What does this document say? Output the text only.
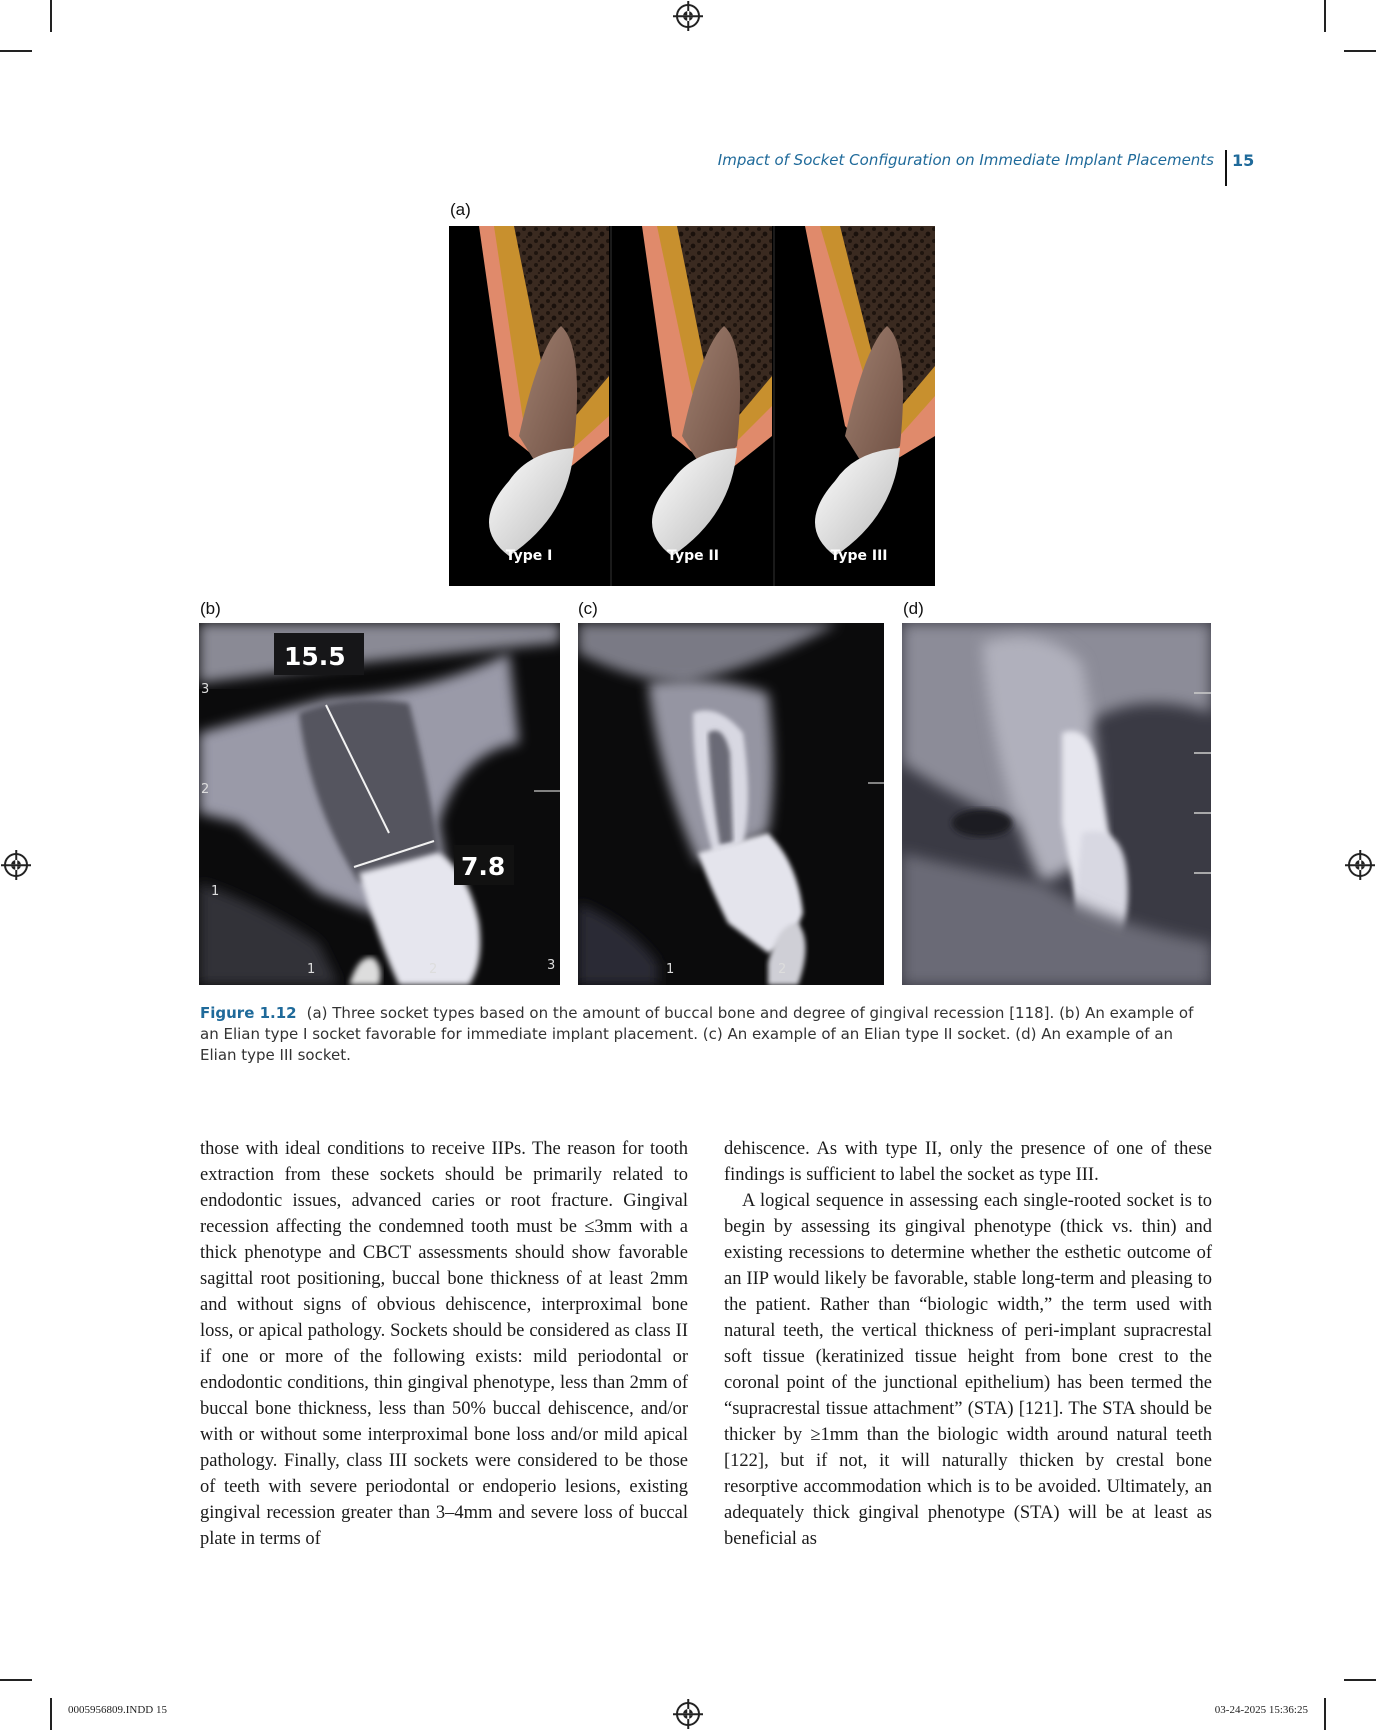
Impact of Socket Configuration on Immediate Implant Placements 15
(a)
Type I	Type II	Type III
(b)
15.5
7.8
3
2
1
1	2	3
(c)
1	2
(d)
Figure 1.12 (a) Three socket types based on the amount of buccal bone and degree of gingival recession [118]. (b) An example of an Elian type I socket favorable for immediate implant placement. (c) An example of an Elian type II socket. (d) An example of an Elian type III socket.

those with ideal conditions to receive IIPs. The reason for tooth extraction from these sockets should be primarily related to endodontic issues, advanced caries or root fracture. Gingival recession affecting the condemned tooth must be ≤3mm with a thick phenotype and CBCT assessments should show favorable sagittal root positioning, buccal bone thickness of at least 2mm and without signs of obvious dehiscence, interproximal bone loss, or apical pathology. Sockets should be considered as class II if one or more of the following exists: mild periodontal or endodontic conditions, thin gingival phenotype, less than 2mm of buccal bone thickness, less than 50% buccal dehiscence, and/or with or without some interproximal bone loss and/or mild apical pathology. Finally, class III sockets were considered to be those of teeth with severe periodontal or endoperio lesions, existing gingival recession greater than 3–4mm and severe loss of buccal plate in terms of

dehiscence. As with type II, only the presence of one of these findings is sufficient to label the socket as type III.

A logical sequence in assessing each single-rooted socket is to begin by assessing its gingival phenotype (thick vs. thin) and existing recessions to determine whether the esthetic outcome of an IIP would likely be favorable, stable long-term and pleasing to the patient. Rather than “biologic width,” the term used with natural teeth, the vertical thickness of peri-implant supracrestal soft tissue (keratinized tissue height from bone crest to the coronal point of the junctional epithelium) has been termed the “supracrestal tissue attachment” (STA) [121]. The STA should be thicker by ≥1mm than the biologic width around natural teeth [122], but if not, it will naturally thicken by crestal bone resorptive accommodation which is to be avoided. Ultimately, an adequately thick gingival phenotype (STA) will be at least as beneficial as

0005956809.INDD 15	03-24-2025 15:36:25
